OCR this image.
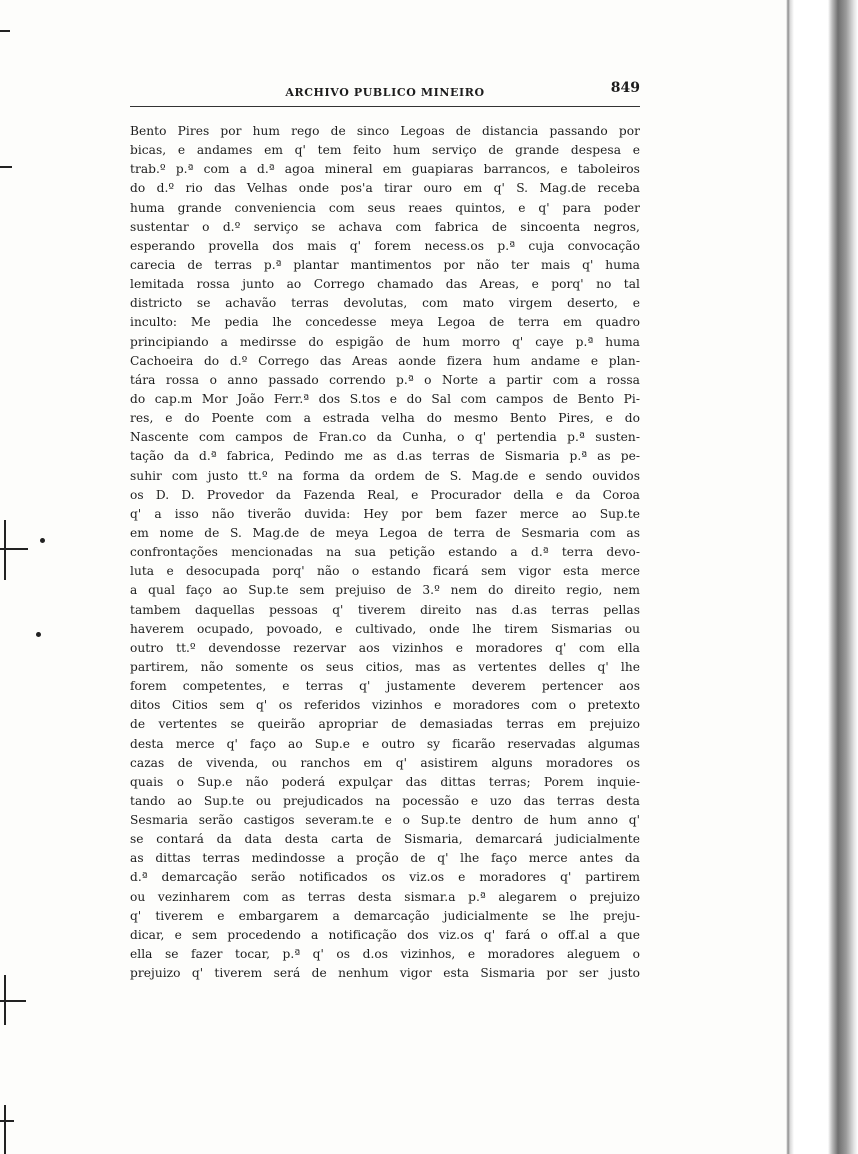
ARCHIVO PUBLICO MINEIRO	849
Bento Pires por hum rego de sinco Legoas de distancia passando por
bicas, e andames em q' tem feito hum serviço de grande despesa e
trab.º p.ª com a d.ª agoa mineral em guapiaras barrancos, e taboleiros
do d.º rio das Velhas onde pos'a tirar ouro em q' S. Mag.de receba
huma grande conveniencia com seus reaes quintos, e q' para poder
sustentar o d.º serviço se achava com fabrica de sincoenta negros,
esperando provella dos mais q' forem necess.os p.ª cuja convocação
carecia de terras p.ª plantar mantimentos por não ter mais q' huma
lemitada rossa junto ao Corrego chamado das Areas, e porq' no tal
districto se achavão terras devolutas, com mato virgem deserto, e
inculto: Me pedia lhe concedesse meya Legoa de terra em quadro
principiando a medirsse do espigão de hum morro q' caye p.ª huma
Cachoeira do d.º Corrego das Areas aonde fizera hum andame e plan-
tára rossa o anno passado correndo p.ª o Norte a partir com a rossa
do cap.m Mor João Ferr.ª dos S.tos e do Sal com campos de Bento Pi-
res, e do Poente com a estrada velha do mesmo Bento Pires, e do
Nascente com campos de Fran.co da Cunha, o q' pertendia p.ª susten-
tação da d.ª fabrica, Pedindo me as d.as terras de Sismaria p.ª as pe-
suhir com justo tt.º na forma da ordem de S. Mag.de e sendo ouvidos
os D. D. Provedor da Fazenda Real, e Procurador della e da Coroa
q' a isso não tiverão duvida: Hey por bem fazer merce ao Sup.te
em nome de S. Mag.de de meya Legoa de terra de Sesmaria com as
confrontações mencionadas na sua petição estando a d.ª terra devo-
luta e desocupada porq' não o estando ficará sem vigor esta merce
a qual faço ao Sup.te sem prejuiso de 3.º nem do direito regio, nem
tambem daquellas pessoas q' tiverem direito nas d.as terras pellas
haverem ocupado, povoado, e cultivado, onde lhe tirem Sismarias ou
outro tt.º devendosse rezervar aos vizinhos e moradores q' com ella
partirem, não somente os seus citios, mas as vertentes delles q' lhe
forem competentes, e terras q' justamente deverem pertencer aos
ditos Citios sem q' os referidos vizinhos e moradores com o pretexto
de vertentes se queirão apropriar de demasiadas terras em prejuizo
desta merce q' faço ao Sup.e e outro sy ficarão reservadas algumas
cazas de vivenda, ou ranchos em q' asistirem alguns moradores os
quais o Sup.e não poderá expulçar das dittas terras; Porem inquie-
tando ao Sup.te ou prejudicados na pocessão e uzo das terras desta
Sesmaria serão castigos severam.te e o Sup.te dentro de hum anno q'
se contará da data desta carta de Sismaria, demarcará judicialmente
as dittas terras medindosse a proção de q' lhe faço merce antes da
d.ª demarcação serão notificados os viz.os e moradores q' partirem
ou vezinharem com as terras desta sismar.a p.ª alegarem o prejuizo
q' tiverem e embargarem a demarcação judicialmente se lhe preju-
dicar, e sem procedendo a notificação dos viz.os q' fará o off.al a que
ella se fazer tocar, p.ª q' os d.os vizinhos, e moradores aleguem o
prejuizo q' tiverem será de nenhum vigor esta Sismaria por ser justo
